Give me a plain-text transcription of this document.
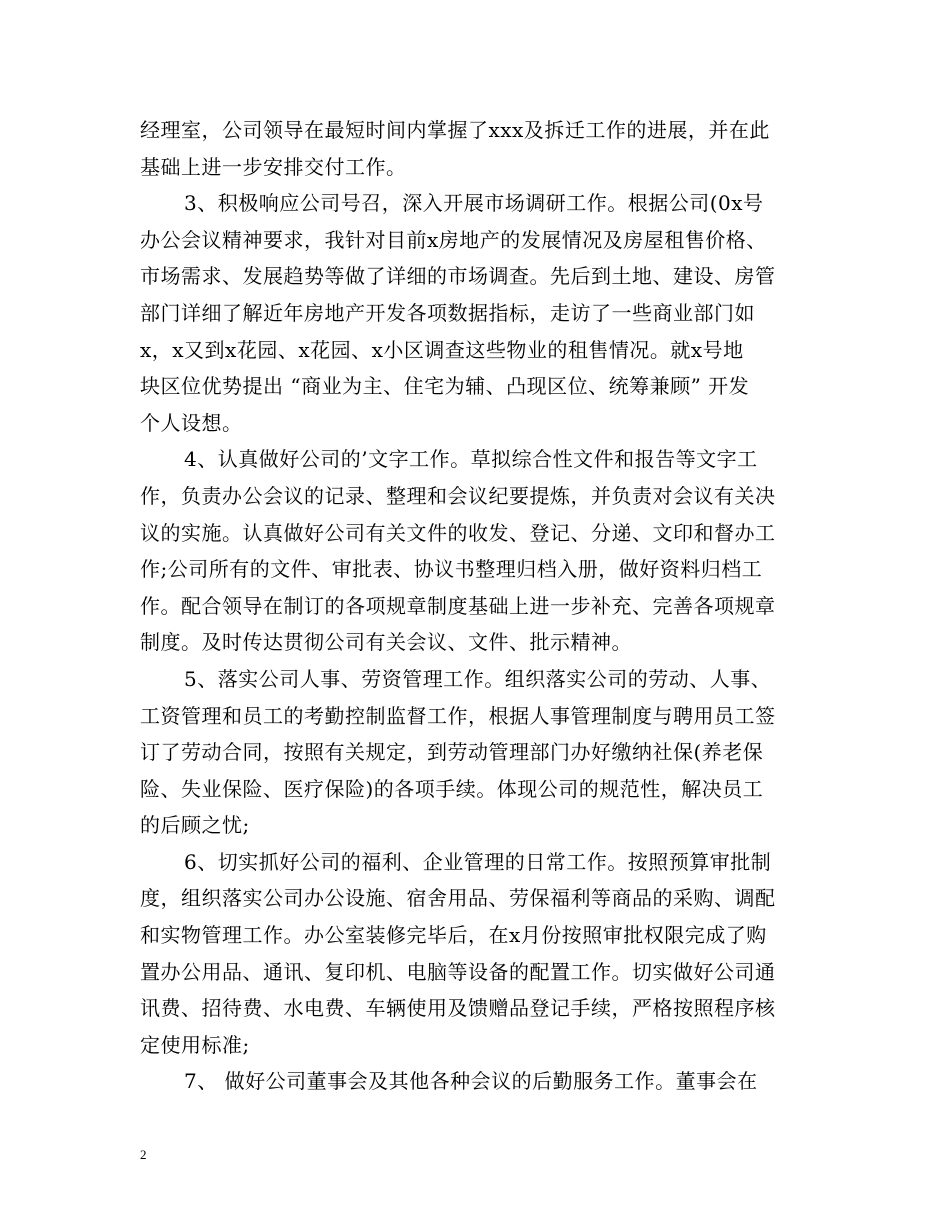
经理室，公司领导在最短时间内掌握了xxx及拆迁工作的进展，并在此
基础上进一步安排交付工作。
3、积极响应公司号召，深入开展市场调研工作。根据公司(0x号
办公会议精神要求，我针对目前x房地产的发展情况及房屋租售价格、
市场需求、发展趋势等做了详细的市场调查。先后到土地、建设、房管
部门详细了解近年房地产开发各项数据指标，走访了一些商业部门如
x，x又到x花园、x花园、x小区调查这些物业的租售情况。就x号地
块区位优势提出 “商业为主、住宅为辅、凸现区位、统筹兼顾” 开发
个人设想。
4、认真做好公司的’文字工作。草拟综合性文件和报告等文字工
作，负责办公会议的记录、整理和会议纪要提炼，并负责对会议有关决
议的实施。认真做好公司有关文件的收发、登记、分递、文印和督办工
作;公司所有的文件、审批表、协议书整理归档入册，做好资料归档工
作。配合领导在制订的各项规章制度基础上进一步补充、完善各项规章
制度。及时传达贯彻公司有关会议、文件、批示精神。
5、落实公司人事、劳资管理工作。组织落实公司的劳动、人事、
工资管理和员工的考勤控制监督工作，根据人事管理制度与聘用员工签
订了劳动合同，按照有关规定，到劳动管理部门办好缴纳社保(养老保
险、失业保险、医疗保险)的各项手续。体现公司的规范性，解决员工
的后顾之忧;
6、切实抓好公司的福利、企业管理的日常工作。按照预算审批制
度，组织落实公司办公设施、宿舍用品、劳保福利等商品的采购、调配
和实物管理工作。办公室装修完毕后，在x月份按照审批权限完成了购
置办公用品、通讯、复印机、电脑等设备的配置工作。切实做好公司通
讯费、招待费、水电费、车辆使用及馈赠品登记手续，严格按照程序核
定使用标准;
7、 做好公司董事会及其他各种会议的后勤服务工作。董事会在
2
